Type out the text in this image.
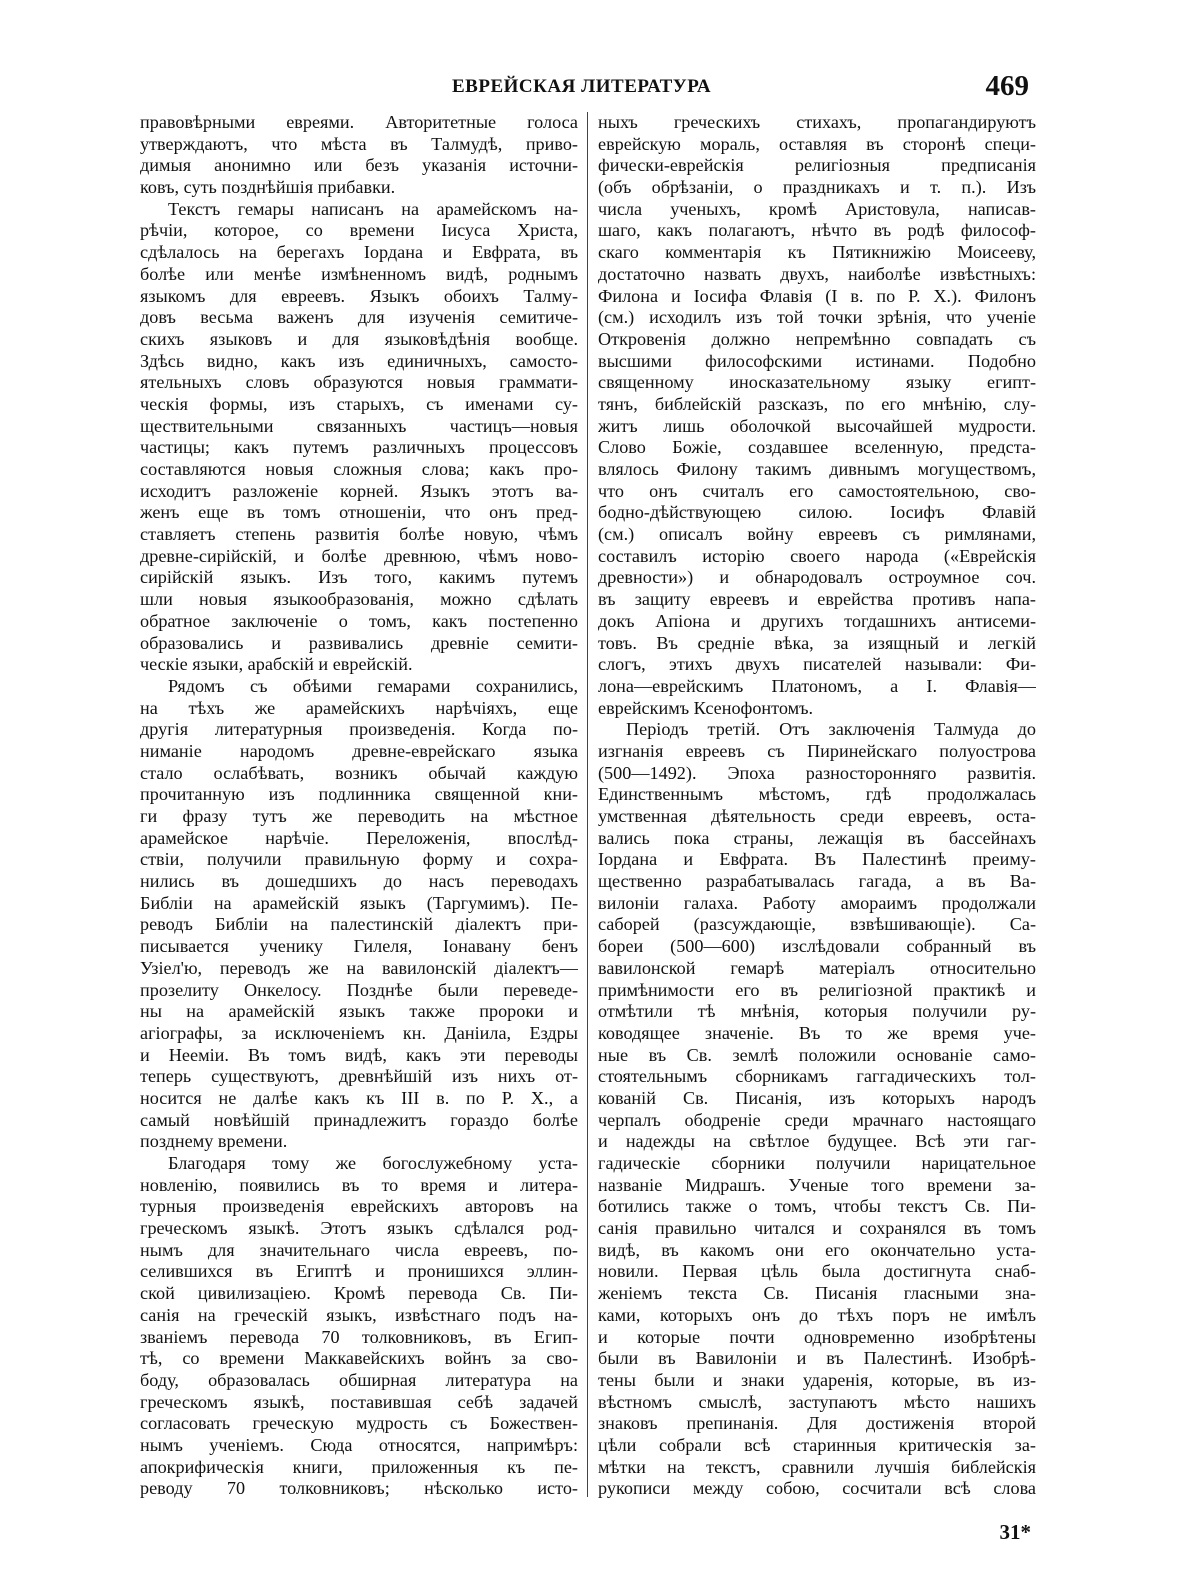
ЕВРЕЙСКАЯ ЛИТЕРАТУРА	469
правовѣрными евреями. Авторитетные голоса
утверждаютъ, что мѣста въ Талмудѣ, приво-
димыя анонимно или безъ указанія источни-
ковъ, суть позднѣйшія прибавки.
Текстъ гемары написанъ на арамейскомъ на-
рѣчіи, которое, со времени Іисуса Христа,
сдѣлалось на берегахъ Іордана и Евфрата, въ
болѣе или менѣе измѣненномъ видѣ, роднымъ
языкомъ для евреевъ. Языкъ обоихъ Талму-
довъ весьма важенъ для изученія семитиче-
скихъ языковъ и для языковѣдѣнія вообще.
Здѣсь видно, какъ изъ единичныхъ, самосто-
ятельныхъ словъ образуются новыя граммати-
ческія формы, изъ старыхъ, съ именами су-
ществительными связанныхъ частицъ—новыя
частицы; какъ путемъ различныхъ процессовъ
составляются новыя сложныя слова; какъ про-
исходитъ разложеніе корней. Языкъ этотъ ва-
женъ еще въ томъ отношеніи, что онъ пред-
ставляетъ степень развитія болѣе новую, чѣмъ
древне-сирійскій, и болѣе древнюю, чѣмъ ново-
сирійскій языкъ. Изъ того, какимъ путемъ
шли новыя языкообразованія, можно сдѣлать
обратное заключеніе о томъ, какъ постепенно
образовались и развивались древніе семити-
ческіе языки, арабскій и еврейскій.
Рядомъ съ обѣими гемарами сохранились,
на тѣхъ же арамейскихъ нарѣчіяхъ, еще
другія литературныя произведенія. Когда по-
ниманіе народомъ древне-еврейскаго языка
стало ослабѣвать, возникъ обычай каждую
прочитанную изъ подлинника священной кни-
ги фразу тутъ же переводить на мѣстное
арамейское нарѣчіе. Переложенія, впослѣд-
ствіи, получили правильную форму и сохра-
нились въ дошедшихъ до насъ переводахъ
Библіи на арамейскій языкъ (Таргумимъ). Пе-
реводъ Библіи на палестинскій діалектъ при-
писывается ученику Гилеля, Іонавану бенъ
Узіел'ю, переводъ же на вавилонскій діалектъ—
прозелиту Онкелосу. Позднѣе были переведе-
ны на арамейскій языкъ также пророки и
агіографы, за исключеніемъ кн. Даніила, Ездры
и Нееміи. Въ томъ видѣ, какъ эти переводы
теперь существуютъ, древнѣйшій изъ нихъ от-
носится не далѣе какъ къ III в. по Р. Х., а
самый новѣйшій принадлежитъ гораздо болѣе
позднему времени.
Благодаря тому же богослужебному уста-
новленію, появились въ то время и литера-
турныя произведенія еврейскихъ авторовъ на
греческомъ языкѣ. Этотъ языкъ сдѣлался род-
нымъ для значительнаго числа евреевъ, по-
селившихся въ Египтѣ и пронишихся эллин-
ской цивилизаціею. Кромѣ перевода Св. Пи-
санія на греческій языкъ, извѣстнаго подъ на-
званіемъ перевода 70 толковниковъ, въ Егип-
тѣ, со времени Маккавейскихъ войнъ за сво-
боду, образовалась обширная литература на
греческомъ языкѣ, поставившая себѣ задачей
согласовать греческую мудрость съ Божествен-
нымъ ученіемъ. Сюда относятся, напримѣръ:
апокрифическія книги, приложенныя къ пе-
реводу 70 толковниковъ; нѣсколько исто-
ныхъ греческихъ стихахъ, пропагандируютъ
еврейскую мораль, оставляя въ сторонѣ специ-
фически-еврейскія религіозныя предписанія
(объ обрѣзаніи, о праздникахъ и т. п.). Изъ
числа ученыхъ, кромѣ Аристовула, написав-
шаго, какъ полагаютъ, нѣчто въ родѣ философ-
скаго комментарія къ Пятикнижію Моисееву,
достаточно назвать двухъ, наиболѣе извѣстныхъ:
Филона и Іосифа Флавія (I в. по Р. Х.). Филонъ
(см.) исходилъ изъ той точки зрѣнія, что ученіе
Откровенія должно непремѣнно совпадать съ
высшими философскими истинами. Подобно
священному иносказательному языку египт-
тянъ, библейскій разсказъ, по его мнѣнію, слу-
житъ лишь оболочкой высочайшей мудрости.
Слово Божіе, создавшее вселенную, предста-
влялось Филону такимъ дивнымъ могуществомъ,
что онъ считалъ его самостоятельною, сво-
бодно-дѣйствующею силою. Іосифъ Флавій
(см.) описалъ войну евреевъ съ римлянами,
составилъ исторію своего народа («Еврейскія
древности») и обнародовалъ остроумное соч.
въ защиту евреевъ и еврейства противъ напа-
докъ Апіона и другихъ тогдашнихъ антисеми-
товъ. Въ средніе вѣка, за изящный и легкій
слогъ, этихъ двухъ писателей называли: Фи-
лона—еврейскимъ Платономъ, а І. Флавія—
еврейскимъ Ксенофонтомъ.
Періодъ третій. Отъ заключенія Талмуда до
изгнанія евреевъ съ Пиринейскаго полуострова
(500—1492). Эпоха разносторонняго развитія.
Единственнымъ мѣстомъ, гдѣ продолжалась
умственная дѣятельность среди евреевъ, оста-
вались пока страны, лежащія въ бассейнахъ
Іордана и Евфрата. Въ Палестинѣ преиму-
щественно разрабатывалась гагада, а въ Ва-
вилоніи галаха. Работу амораимъ продолжали
саборей (разсуждающіе, взвѣшивающіе). Са-
бореи (500—600) изслѣдовали собранный въ
вавилонской гемарѣ матеріалъ относительно
примѣнимости его въ религіозной практикѣ и
отмѣтили тѣ мнѣнія, которыя получили ру-
ководящее значеніе. Въ то же время уче-
ные въ Св. землѣ положили основаніе само-
стоятельнымъ сборникамъ гаггадическихъ тол-
кованій Св. Писанія, изъ которыхъ народъ
черпалъ ободреніе среди мрачнаго настоящаго
и надежды на свѣтлое будущее. Всѣ эти гаг-
гадическіе сборники получили нарицательное
названіе Мидрашъ. Ученые того времени за-
ботились также о томъ, чтобы текстъ Св. Пи-
санія правильно читался и сохранялся въ томъ
видѣ, въ какомъ они его окончательно уста-
новили. Первая цѣль была достигнута снаб-
женіемъ текста Св. Писанія гласными зна-
ками, которыхъ онъ до тѣхъ поръ не имѣлъ
и которые почти одновременно изобрѣтены
были въ Вавилоніи и въ Палестинѣ. Изобрѣ-
тены были и знаки ударенія, которые, въ из-
вѣстномъ смыслѣ, заступаютъ мѣсто нашихъ
знаковъ препинанія. Для достиженія второй
цѣли собрали всѣ старинныя критическія за-
мѣтки на текстъ, сравнили лучшія библейскія
рукописи между собою, сосчитали всѣ слова
31*
